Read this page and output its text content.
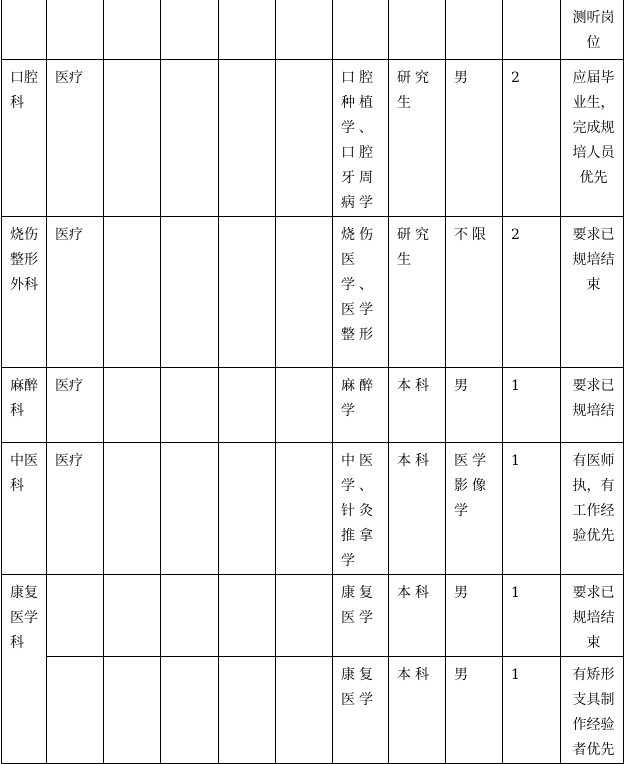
										测听岗位

口腔科	医疗					口腔种植学、口腔牙周病学	研究生	男	2	应届毕业生，完成规培人员优先

烧伤整形外科	医疗					烧伤医学、医学整形	研究生	不限	2	要求已规培结束

麻醉科	医疗					麻醉学	本科	男	1	要求已规培结

中医科	医疗					中医学、针灸推拿学	本科	医学影像学	1	有医师执，有工作经验优先

康复医学科						康复医学	本科	男	1	要求已规培结束

						康复医学	本科	男	1	有矫形支具制作经验者优先
